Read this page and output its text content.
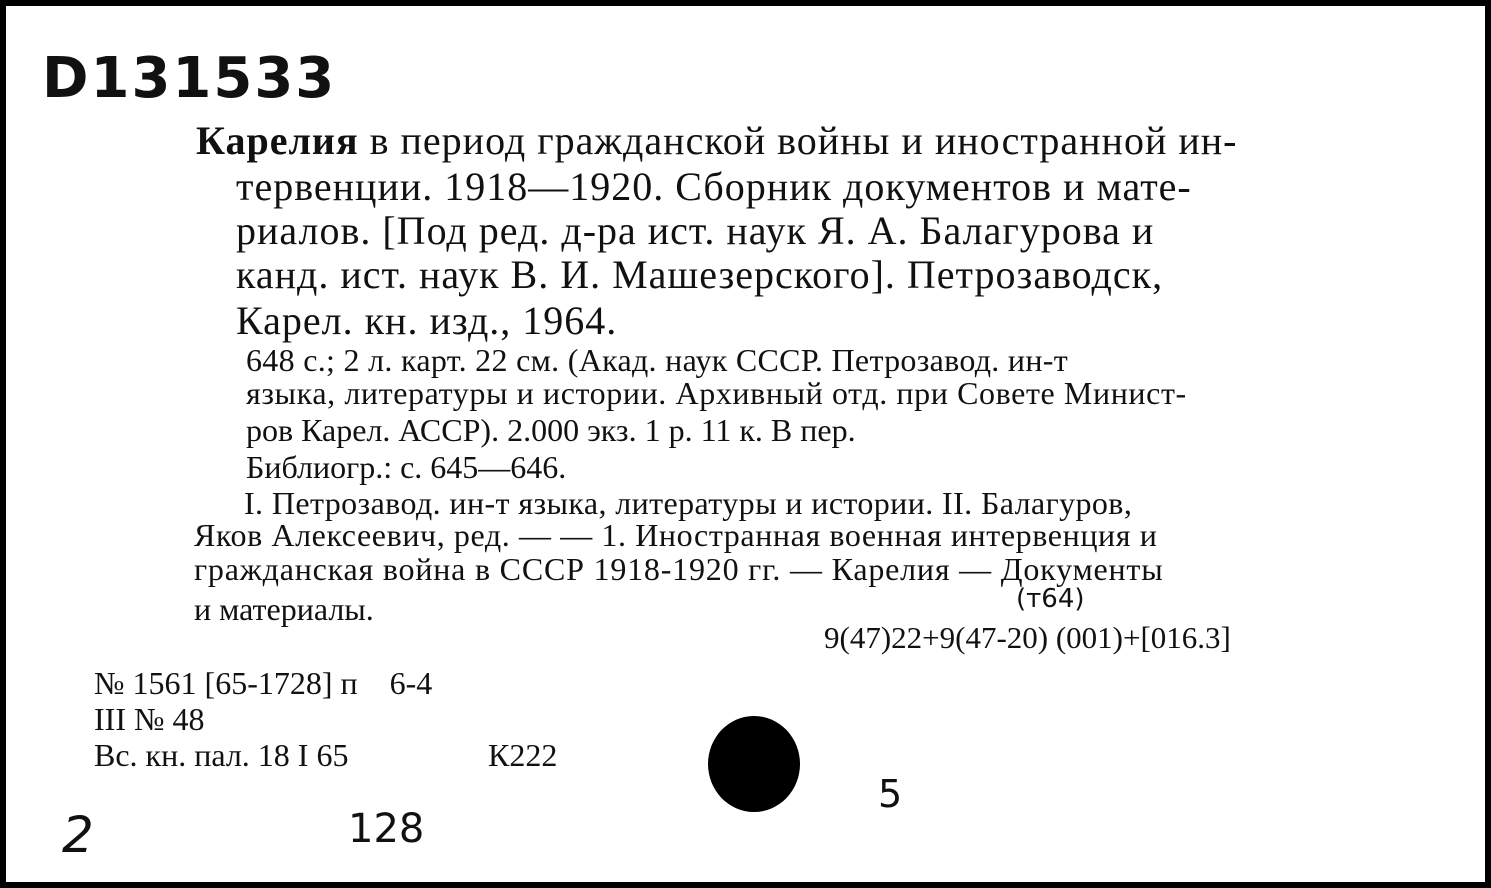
D131533
Карелия в период гражданской войны и иностранной ин-
тервенции. 1918—1920. Сборник документов и мате-
риалов. [Под ред. д-ра ист. наук Я. А. Балагурова и
канд. ист. наук В. И. Машезерского]. Петрозаводск,
Карел. кн. изд., 1964.
648 с.; 2 л. карт. 22 см. (Акад. наук СССР. Петрозавод. ин-т
языка, литературы и истории. Архивный отд. при Совете Минист-
ров Карел. АССР). 2.000 экз. 1 р. 11 к. В пер.
Библиогр.: с. 645—646.
I. Петрозавод. ин-т языка, литературы и истории. II. Балагуров,
Яков Алексеевич, ред. — — 1. Иностранная военная интервенция и
гражданская война в СССР 1918-1920 гг. — Карелия — Документы
и материалы.	(т64)
9(47)22+9(47-20) (001)+[016.3]
№ 1561 [65-1728] п    6-4
III № 48
Вс. кн. пал. 18 I 65	К222
2	128
5
